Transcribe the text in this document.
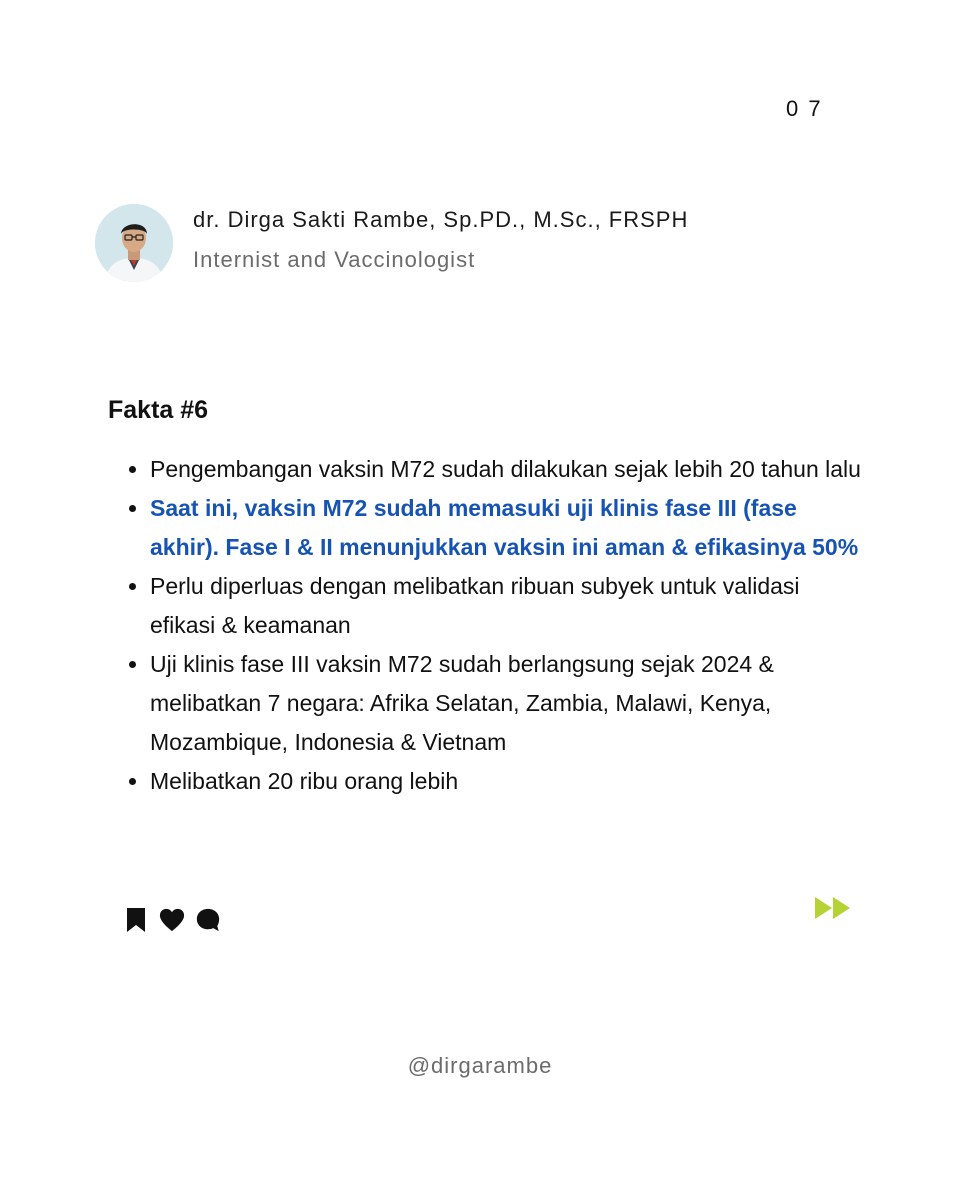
0 7
dr. Dirga Sakti Rambe, Sp.PD., M.Sc., FRSPH
Internist and Vaccinologist
Fakta #6
Pengembangan vaksin M72 sudah dilakukan sejak lebih 20 tahun lalu
Saat ini, vaksin M72 sudah memasuki uji klinis fase III (fase akhir). Fase I & II menunjukkan vaksin ini aman & efikasinya 50%
Perlu diperluas dengan melibatkan ribuan subyek untuk validasi efikasi & keamanan
Uji klinis fase III vaksin M72 sudah berlangsung sejak 2024 & melibatkan 7 negara: Afrika Selatan, Zambia, Malawi, Kenya, Mozambique, Indonesia & Vietnam
Melibatkan 20 ribu orang lebih
@dirgarambe
